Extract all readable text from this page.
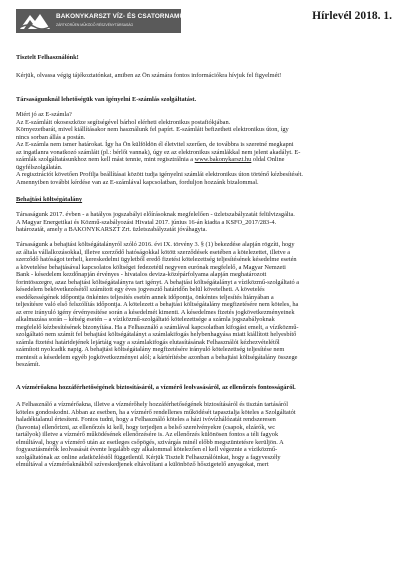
BAKONYKARSZT VÍZ- ÉS CSATORNAMŰ
ZÁRTKÖRŰEN MŰKÖDŐ RÉSZVÉNYTÁRSASÁG
Hírlevél 2018. 1.
Tisztelt Felhasználónk!
Kérjük, olvassa végig tájékoztatónkat, amiben az Ön számára fontos információkra hívjuk fel figyelmét!
Társaságunknál lehetőségük van igényelni E-számlás szolgáltatást.
Miért jó az E-számla?
Az E-számláit okoseszköze segítségével bárhol elérheti elektronikus postafiókjában.
Környezetbarát, mivel kiállításakor nem használunk fel papírt. E-számláit befizetheti elektronikus úton, így
nincs sorban állás a postán.
Az E-számla nem ismer határokat. Így ha Ön külföldön él életvitel szerűen, de továbbra is szeretné megkapni
az ingatlanra vonatkozó számláit (pl.: bérlői vannak), úgy ez az elektronikus számlákkal nem jelent akadályt. E-
számlák szolgáltatásunkhoz nem kell mást tennie, mint regisztrálnia a www.bakonykarszt.hu oldal Online
ügyfélszolgálatán.
A regisztrációt követően Profilja beállításai között tudja igényelni számlái elektronikus úton történő kézbesítését.
Amennyiben további kérdése van az E-számlával kapcsolatban, forduljon hozzánk bizalommal.
Behajtási költségátalány
Társaságunk 2017. évben - a hatályos jogszabályi előírásoknak megfelelően - üzletszabályzatát felülvizsgálta.
A Magyar Energetikai és Közmű-szabályozási Hivatal 2017. június 16-án kiadta a KSFO_2017/283-4.
határozatát, amely a BAKONYKARSZT Zrt. üzletszabályzatát jóváhagyta.
Társaságunk a behajtási költségátalányról szóló 2016. évi IX. törvény 3. § (1) bekezdése alapján rögzíti, hogy
az általa vállalkozásokkal, illetve szerződő hatóságokkal kötött szerződések esetében a kötelezettet, illetve a
szerződő hatóságot terheli, kereskedelmi ügyletből eredő fizetési kötelezettség teljesítésének késedelme esetén
a követelése behajtásával kapcsolatos költségei fedezetéül negyven eurónak megfelelő, a Magyar Nemzeti
Bank - késedelem kezdőnapján érvényes - hivatalos deviza-középárfolyama alapján meghatározott
forintösszegre, azaz behajtási költségátalányra tart igényt. A behajtási költségátalányt a víziközmű-szolgáltató a
késedelem bekövetkezésétől számított egy éves jogvesztő határidőn belül követelheti. A követelés
esedékességének időpontja önkéntes teljesítés esetén annek időpontja, önkéntes teljesítés hiányában a
teljesítésre való első felszólítás időpontja. A kötelezett a behajtási költségátalány megfizetésére nem köteles, ha
az erre irányuló igény érvényesítése során a késedelmét kimenti. A késedelmes fizetés jogkövetkezményeinek
alkalmazása során – kétség esetén – a víziközmű-szolgáltató kötelezettsége a számla jogszabályoknak
megfelelő kézbesítésének bizonyítása. Ha a Felhasználó a számlával kapcsolatban kifogást emelt, a víziközmű-
szolgáltató nem számít fel behajtási költségátalányt a számlakifogás helybenhagyása miatt kiállított helyesbítő
számla fizetési határidejének lejártáig vagy a számlakifogás elutasításának Felhasználói kézhezvételétől
számított nyolcadik napig. A behajtási költségátalány megfizetésére irányuló kötelezettség teljesítése nem
mentesít a késedelem egyéb jogkövetkezményei alól; a kártérítésbe azonban a behajtási költségátalány összege
beszámít.
A vízmérőakna hozzáférhetőségének biztosításáról, a vízmérő leolvasásáról, az ellenőrzés fontosságáról.
A Felhasználó a vízmérőakna, illetve a vízmérőhely hozzáférhetőségének biztosításáról és tisztán tartásáról
köteles gondoskodni. Abban az esetben, ha a vízmérő rendellenes működését tapasztalja köteles a Szolgáltatót
haladéktalanul értesíteni. Fontos tudni, hogy a Felhasználó köteles a házi ivóvízhálózatát rendszeresen
(havonta) ellenőrizni, az ellenőrzés ki kell, hogy terjedjen a belső szerelvényekre (csapok, elzárók, wc
tartályok) illetve a vízmérő működésének ellenőrzésére is. Az ellenőrzés különösen fontos a téli fagyok
elmúltával, hogy a vízmérő után az esetleges csőpögés, szivárgás minél előbb megszüntetésre kerüljön. A
fogyasztásmérők leolvasását évente legalább egy alkalommal kötelezően el kell végeznie a víziközmű-
szolgáltatónak az online adatközléstől függetlenül. Kérjük Tisztelt Felhasználóinkat, hogy a fagyveszély
elmúltával a vízmérőaknákból szíveskedjenek eltávolítani a különböző hőszigetelő anyagokat, mert
